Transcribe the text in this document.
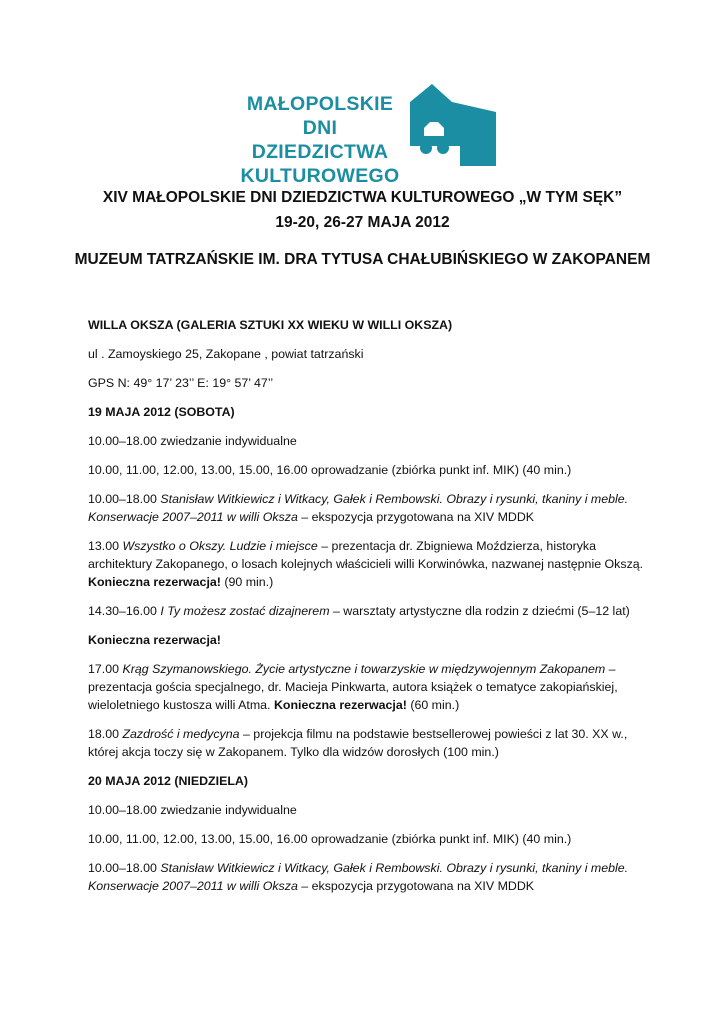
MAŁOPOLSKIE
DNI DZIEDZICTWA
KULTUROWEGO
XIV MAŁOPOLSKIE DNI DZIEDZICTWA KULTUROWEGO „W TYM SĘK”
19-20, 26-27 MAJA 2012
MUZEUM TATRZAŃSKIE IM. DRA TYTUSA CHAŁUBIŃSKIEGO W ZAKOPANEM

WILLA OKSZA (GALERIA SZTUKI XX WIEKU W WILLI OKSZA)

ul . Zamoyskiego 25, Zakopane , powiat tatrzański

GPS N: 49° 17’ 23’’ E: 19° 57’ 47’’

19 MAJA 2012 (SOBOTA)

10.00–18.00 zwiedzanie indywidualne

10.00, 11.00, 12.00, 13.00, 15.00, 16.00 oprowadzanie (zbiórka punkt inf. MIK) (40 min.)

10.00–18.00 Stanisław Witkiewicz i Witkacy, Gałek i Rembowski. Obrazy i rysunki, tkaniny i meble. Konserwacje 2007–2011 w willi Oksza – ekspozycja przygotowana na XIV MDDK

13.00 Wszystko o Okszy. Ludzie i miejsce – prezentacja dr. Zbigniewa Moździerza, historyka architektury Zakopanego, o losach kolejnych właścicieli willi Korwinówka, nazwanej następnie Okszą. Konieczna rezerwacja! (90 min.)

14.30–16.00 I Ty możesz zostać dizajnerem – warsztaty artystyczne dla rodzin z dziećmi (5–12 lat)

Konieczna rezerwacja!

17.00 Krąg Szymanowskiego. Życie artystyczne i towarzyskie w międzywojennym Zakopanem – prezentacja gościa specjalnego, dr. Macieja Pinkwarta, autora książek o tematyce zakopiańskiej, wieloletniego kustosza willi Atma. Konieczna rezerwacja! (60 min.)

18.00 Zazdrość i medycyna – projekcja filmu na podstawie bestsellerowej powieści z lat 30. XX w., której akcja toczy się w Zakopanem. Tylko dla widzów dorosłych (100 min.)

20 MAJA 2012 (NIEDZIELA)

10.00–18.00 zwiedzanie indywidualne

10.00, 11.00, 12.00, 13.00, 15.00, 16.00 oprowadzanie (zbiórka punkt inf. MIK) (40 min.)

10.00–18.00 Stanisław Witkiewicz i Witkacy, Gałek i Rembowski. Obrazy i rysunki, tkaniny i meble. Konserwacje 2007–2011 w willi Oksza – ekspozycja przygotowana na XIV MDDK
